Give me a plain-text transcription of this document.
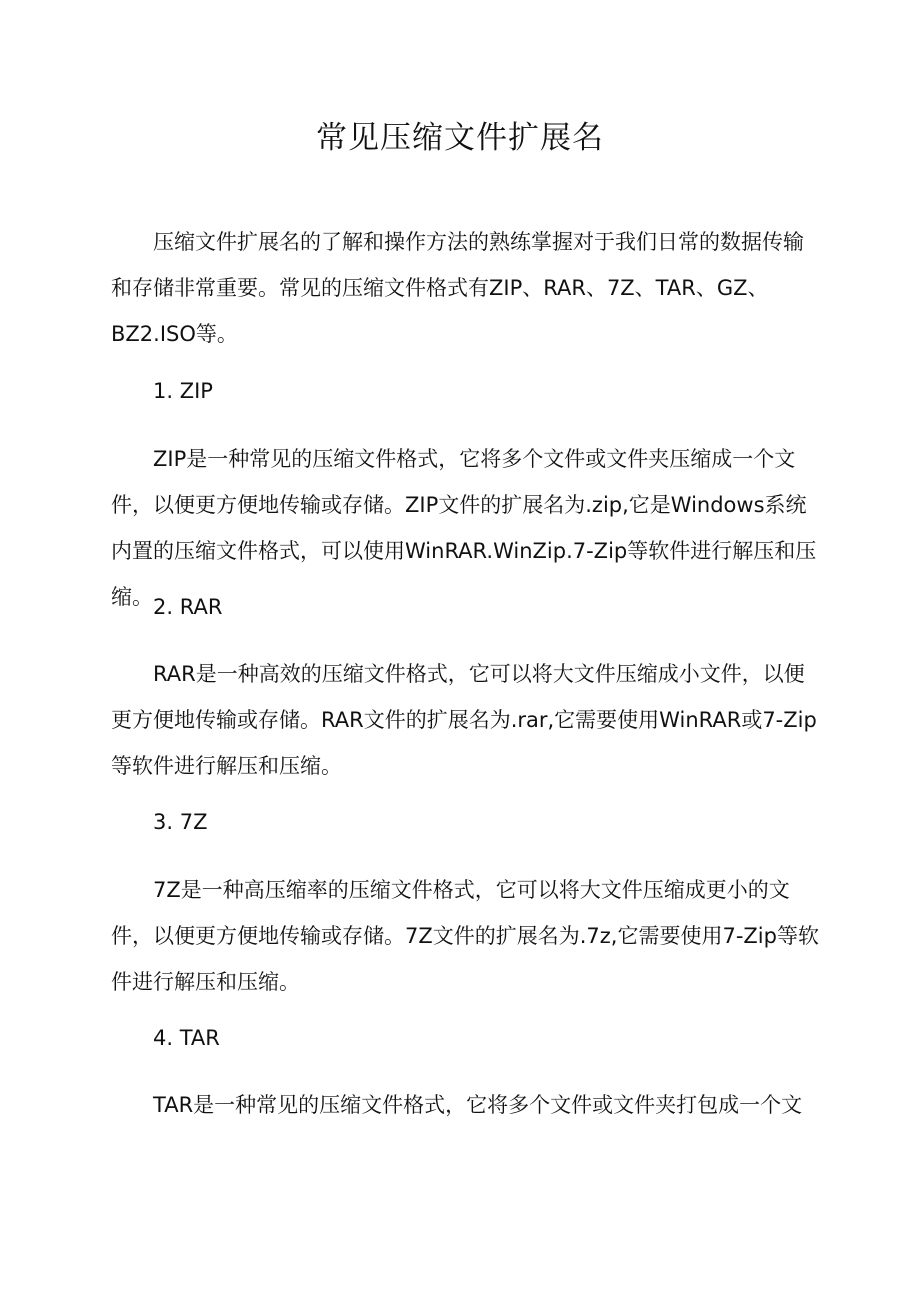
常见压缩文件扩展名

压缩文件扩展名的了解和操作方法的熟练掌握对于我们日常的数据传输和存储非常重要。常见的压缩文件格式有ZIP、RAR、7Z、TAR、GZ、BZ2.ISO等。

1. ZIP

ZIP是一种常见的压缩文件格式，它将多个文件或文件夹压缩成一个文件，以便更方便地传输或存储。ZIP文件的扩展名为.zip,它是Windows系统内置的压缩文件格式，可以使用WinRAR.WinZip.7-Zip等软件进行解压和压缩。 2. RAR

RAR是一种高效的压缩文件格式，它可以将大文件压缩成小文件，以便更方便地传输或存储。RAR文件的扩展名为.rar,它需要使用WinRAR或7-Zip等软件进行解压和压缩。

3. 7Z

7Z是一种高压缩率的压缩文件格式，它可以将大文件压缩成更小的文件，以便更方便地传输或存储。7Z文件的扩展名为.7z,它需要使用7-Zip等软件进行解压和压缩。

4. TAR

TAR是一种常见的压缩文件格式，它将多个文件或文件夹打包成一个文
